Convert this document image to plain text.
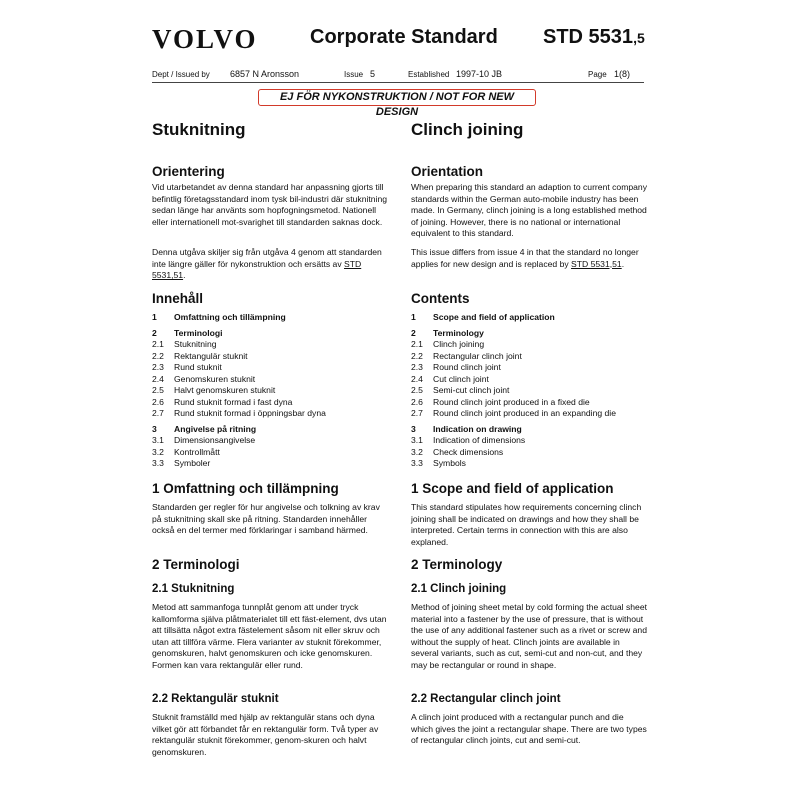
VOLVO	Corporate Standard STD 5531,5
Dept / Issued by 6857 N Aronsson	Issue 5	Established 1997-10 JB	Page 1(8)
EJ FÖR NYKONSTRUKTION / NOT FOR NEW DESIGN
Stuknitning
Orientering
Vid utarbetandet av denna standard har anpassning gjorts till befintlig företagsstandard inom tysk bil-industri där stuknitning sedan länge har använts som hopfogningsmetod. Nationell eller internationell mot-svarighet till standarden saknas dock.
Denna utgåva skiljer sig från utgåva 4 genom att standarden inte längre gäller för nykonstruktion och ersätts av STD 5531,51.
Innehåll
1	Omfattning och tillämpning
2	Terminologi
2.1	Stuknitning
2.2	Rektangulär stuknit
2.3	Rund stuknit
2.4	Genomskuren stuknit
2.5	Halvt genomskuren stuknit
2.6	Rund stuknit formad i fast dyna
2.7	Rund stuknit formad i öppningsbar dyna
3	Angivelse på ritning
3.1	Dimensionsangivelse
3.2	Kontrollmått
3.3	Symboler
1 Omfattning och tillämpning
Standarden ger regler för hur angivelse och tolkning av krav på stuknitning skall ske på ritning. Standarden innehåller också en del termer med förklaringar i samband härmed.
2 Terminologi
2.1 Stuknitning
Metod att sammanfoga tunnplåt genom att under tryck kallomforma själva plåtmaterialet till ett fäst-element, dvs utan att tillsätta något extra fästelement såsom nit eller skruv och utan att tillföra värme. Flera varianter av stuknit förekommer, genomskuren, halvt genomskuren och icke genomskuren. Formen kan vara rektangulär eller rund.
2.2 Rektangulär stuknit
Stuknit framställd med hjälp av rektangulär stans och dyna vilket gör att förbandet får en rektangulär form. Två typer av rektangulär stuknit förekommer, genom-skuren och halvt genomskuren.
Clinch joining
Orientation
When preparing this standard an adaption to current company standards within the German auto-mobile industry has been made. In Germany, clinch joining is a long established method of joining. However, there is no national or international equivalent to this standard.
This issue differs from issue 4 in that the standard no longer applies for new design and is replaced by STD 5531,51.
Contents
1	Scope and field of application
2	Terminology
2.1	Clinch joining
2.2	Rectangular clinch joint
2.3	Round clinch joint
2.4	Cut clinch joint
2.5	Semi-cut clinch joint
2.6	Round clinch joint produced in a fixed die
2.7	Round clinch joint produced in an expanding die
3	Indication on drawing
3.1	Indication of dimensions
3.2	Check dimensions
3.3	Symbols
1 Scope and field of application
This standard stipulates how requirements concerning clinch joining shall be indicated on drawings and how they shall be interpreted. Certain terms in connection with this are also explaned.
2 Terminology
2.1 Clinch joining
Method of joining sheet metal by cold forming the actual sheet material into a fastener by the use of pressure, that is without the use of any additional fastener such as a rivet or screw and without the supply of heat. Clinch joints are available in several variants, such as cut, semi-cut and non-cut, and they may be rectangular or round in shape.
2.2 Rectangular clinch joint
A clinch joint produced with a rectangular punch and die which gives the joint a rectangular shape. There are two types of rectangular clinch joints, cut and semi-cut.
